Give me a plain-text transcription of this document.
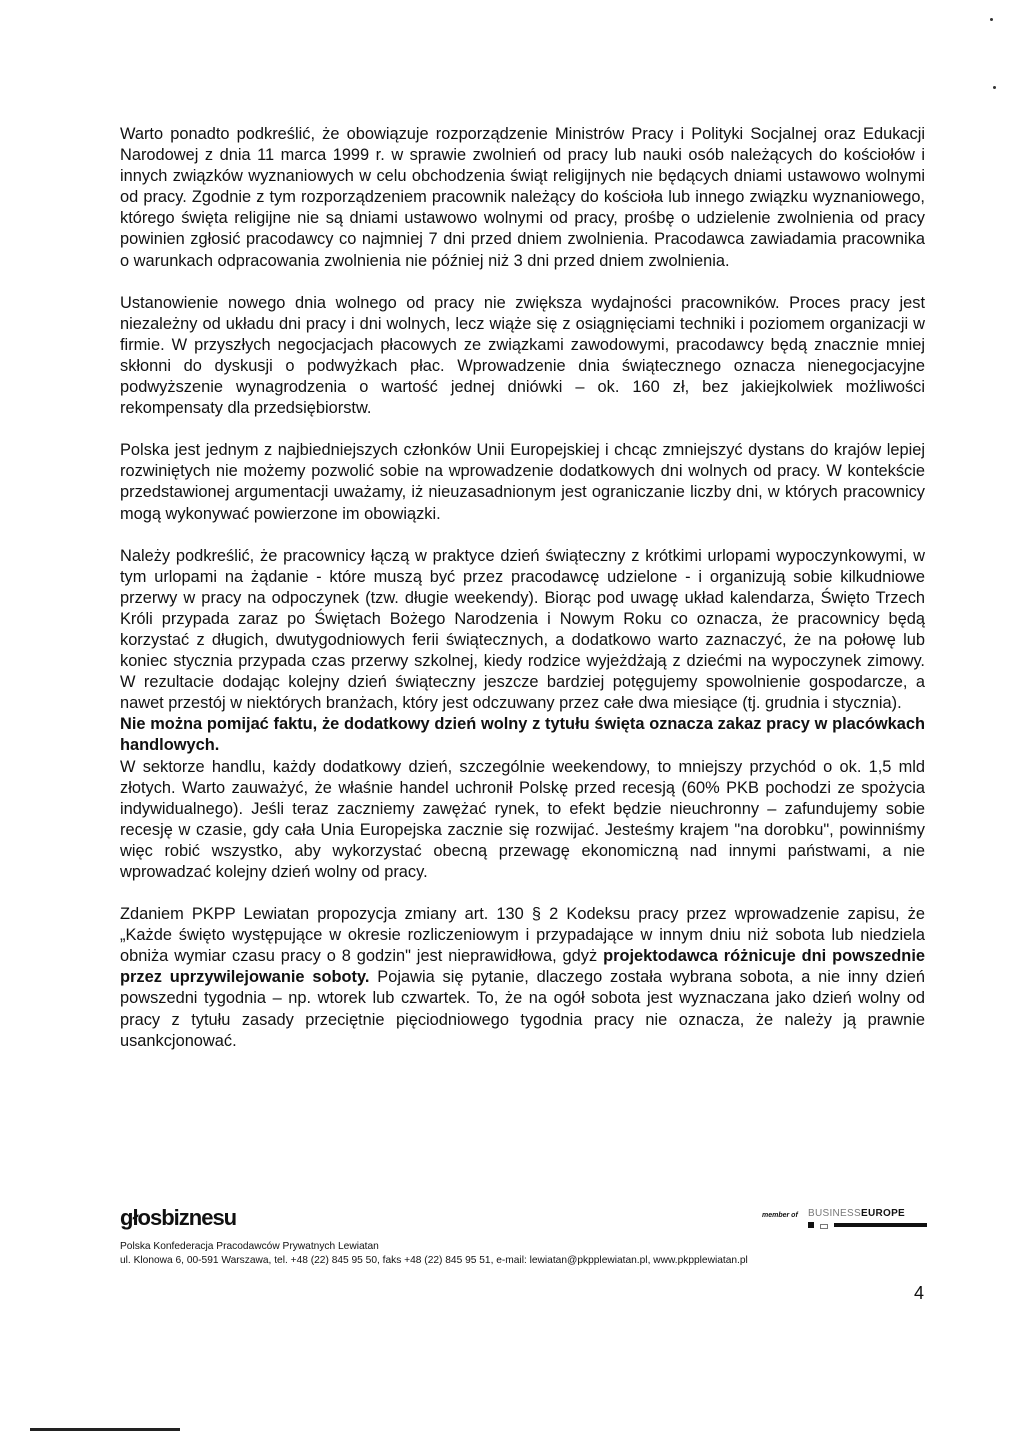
Warto ponadto podkreślić, że obowiązuje rozporządzenie Ministrów Pracy i Polityki Socjalnej oraz Edukacji Narodowej z dnia 11 marca 1999 r. w sprawie zwolnień od pracy lub nauki osób należących do kościołów i innych związków wyznaniowych w celu obchodzenia świąt religijnych nie będących dniami ustawowo wolnymi od pracy. Zgodnie z tym rozporządzeniem pracownik należący do kościoła lub innego związku wyznaniowego, którego święta religijne nie są dniami ustawowo wolnymi od pracy, prośbę o udzielenie zwolnienia od pracy powinien zgłosić pracodawcy co najmniej 7 dni przed dniem zwolnienia. Pracodawca zawiadamia pracownika o warunkach odpracowania zwolnienia nie później niż 3 dni przed dniem zwolnienia.

Ustanowienie nowego dnia wolnego od pracy nie zwiększa wydajności pracowników. Proces pracy jest niezależny od układu dni pracy i dni wolnych, lecz wiąże się z osiągnięciami techniki i poziomem organizacji w firmie. W przyszłych negocjacjach płacowych ze związkami zawodowymi, pracodawcy będą znacznie mniej skłonni do dyskusji o podwyżkach płac. Wprowadzenie dnia świątecznego oznacza nienegocjacyjne podwyższenie wynagrodzenia o wartość jednej dniówki – ok. 160 zł, bez jakiejkolwiek możliwości rekompensaty dla przedsiębiorstw.

Polska jest jednym z najbiedniejszych członków Unii Europejskiej i chcąc zmniejszyć dystans do krajów lepiej rozwiniętych nie możemy pozwolić sobie na wprowadzenie dodatkowych dni wolnych od pracy. W kontekście przedstawionej argumentacji uważamy, iż nieuzasadnionym jest ograniczanie liczby dni, w których pracownicy mogą wykonywać powierzone im obowiązki.

Należy podkreślić, że pracownicy łączą w praktyce dzień świąteczny z krótkimi urlopami wypoczynkowymi, w tym urlopami na żądanie - które muszą być przez pracodawcę udzielone - i organizują sobie kilkudniowe przerwy w pracy na odpoczynek (tzw. długie weekendy). Biorąc pod uwagę układ kalendarza, Święto Trzech Króli przypada zaraz po Świętach Bożego Narodzenia i Nowym Roku co oznacza, że pracownicy będą korzystać z długich, dwutygodniowych ferii świątecznych, a dodatkowo warto zaznaczyć, że na połowę lub koniec stycznia przypada czas przerwy szkolnej, kiedy rodzice wyjeżdżają z dziećmi na wypoczynek zimowy. W rezultacie dodając kolejny dzień świąteczny jeszcze bardziej potęgujemy spowolnienie gospodarcze, a nawet przestój w niektórych branżach, który jest odczuwany przez całe dwa miesiące (tj. grudnia i stycznia).

Nie można pomijać faktu, że dodatkowy dzień wolny z tytułu święta oznacza zakaz pracy w placówkach handlowych.

W sektorze handlu, każdy dodatkowy dzień, szczególnie weekendowy, to mniejszy przychód o ok. 1,5 mld złotych. Warto zauważyć, że właśnie handel uchronił Polskę przed recesją (60% PKB pochodzi ze spożycia indywidualnego). Jeśli teraz zaczniemy zawężać rynek, to efekt będzie nieuchronny – zafundujemy sobie recesję w czasie, gdy cała Unia Europejska zacznie się rozwijać. Jesteśmy krajem "na dorobku", powinniśmy więc robić wszystko, aby wykorzystać obecną przewagę ekonomiczną nad innymi państwami, a nie wprowadzać kolejny dzień wolny od pracy.

Zdaniem PKPP Lewiatan propozycja zmiany art. 130 § 2 Kodeksu pracy przez wprowadzenie zapisu, że „Każde święto występujące w okresie rozliczeniowym i przypadające w innym dniu niż sobota lub niedziela obniża wymiar czasu pracy o 8 godzin" jest nieprawidłowa, gdyż projektodawca różnicuje dni powszednie przez uprzywilejowanie soboty. Pojawia się pytanie, dlaczego została wybrana sobota, a nie inny dzień powszedni tygodnia – np. wtorek lub czwartek. To, że na ogół sobota jest wyznaczana jako dzień wolny od pracy z tytułu zasady przeciętnie pięciodniowego tygodnia pracy nie oznacza, że należy ją prawnie usankcjonować.

głosbiznesu	member of BUSINESSEUROPE
Polska Konfederacja Pracodawców Prywatnych Lewiatan
ul. Klonowa 6, 00-591 Warszawa, tel. +48 (22) 845 95 50, faks +48 (22) 845 95 51, e-mail: lewiatan@pkpplewiatan.pl, www.pkpplewiatan.pl
4
